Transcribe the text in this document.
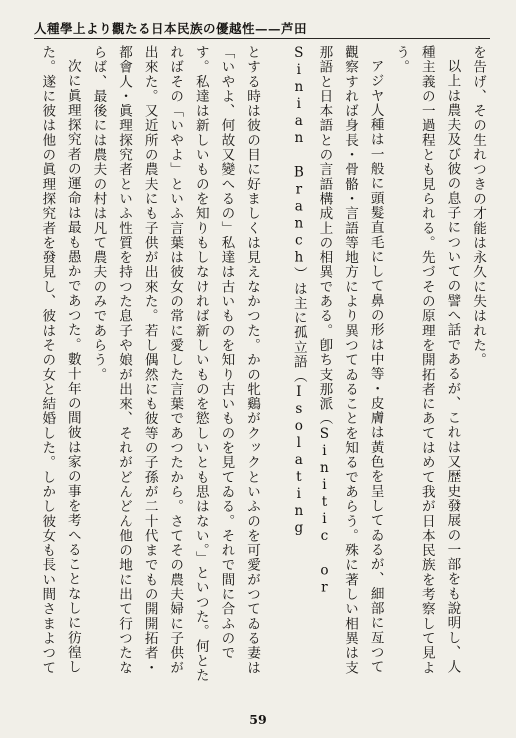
人種學上より觀たる日本民族の優越性——芦田

を告げ、その生れつきの才能は永久に失はれた。

以上は農夫及び彼の息子についての譬へ話であるが、これは又歴史發展の一部をも說明し、人種主義の一過程とも見られる。先づその原理を開拓者にあてはめて我が日本民族を考察して見よう。

アジヤ人種は一般に頭髮直毛にして鼻の形は中等・皮膚は黃色を呈してゐるが、細部に亙つて觀察すれば身長・骨骼・言語等地方により異つてゐることを知るであらう。殊に著しい相異は支那語と日本語との言語構成上の相異である。卽ち支那派（Sinitic or Sinian Branch）は主に孤立語（Isolating

とする時は彼の目に好ましくは見えなかつた。かの牝鷄がクックといふのを可愛がつてゐる妻は「いやよ、何故又變へるの」私達は古いものを知り古いものを見てゐる。それで間に合ふのです。私達は新しいものを知りもしなければ新しいものを慾しいとも思はない。」といつた。何とたればその「いやよ」といふ言葉は彼女の常に愛した言葉であつたから。さてその農夫婦に子供が出來た。又近所の農夫にも子供が出來た。若し偶然にも彼等の子孫が二十代までもの開開拓者・都會人・眞理探究者といふ性質を持つた息子や娘が出來、それがどんどん他の地に出て行つたならば、最後には農夫の村は凡て農夫のみであらう。

次に眞理探究者の運命は最も愚かであつた。數十年の間彼は家の事を考へることなしに彷徨した。遂に彼は他の眞理探究者を發見し、彼はその女と結婚した。しかし彼女も長い間さまよつて

59
